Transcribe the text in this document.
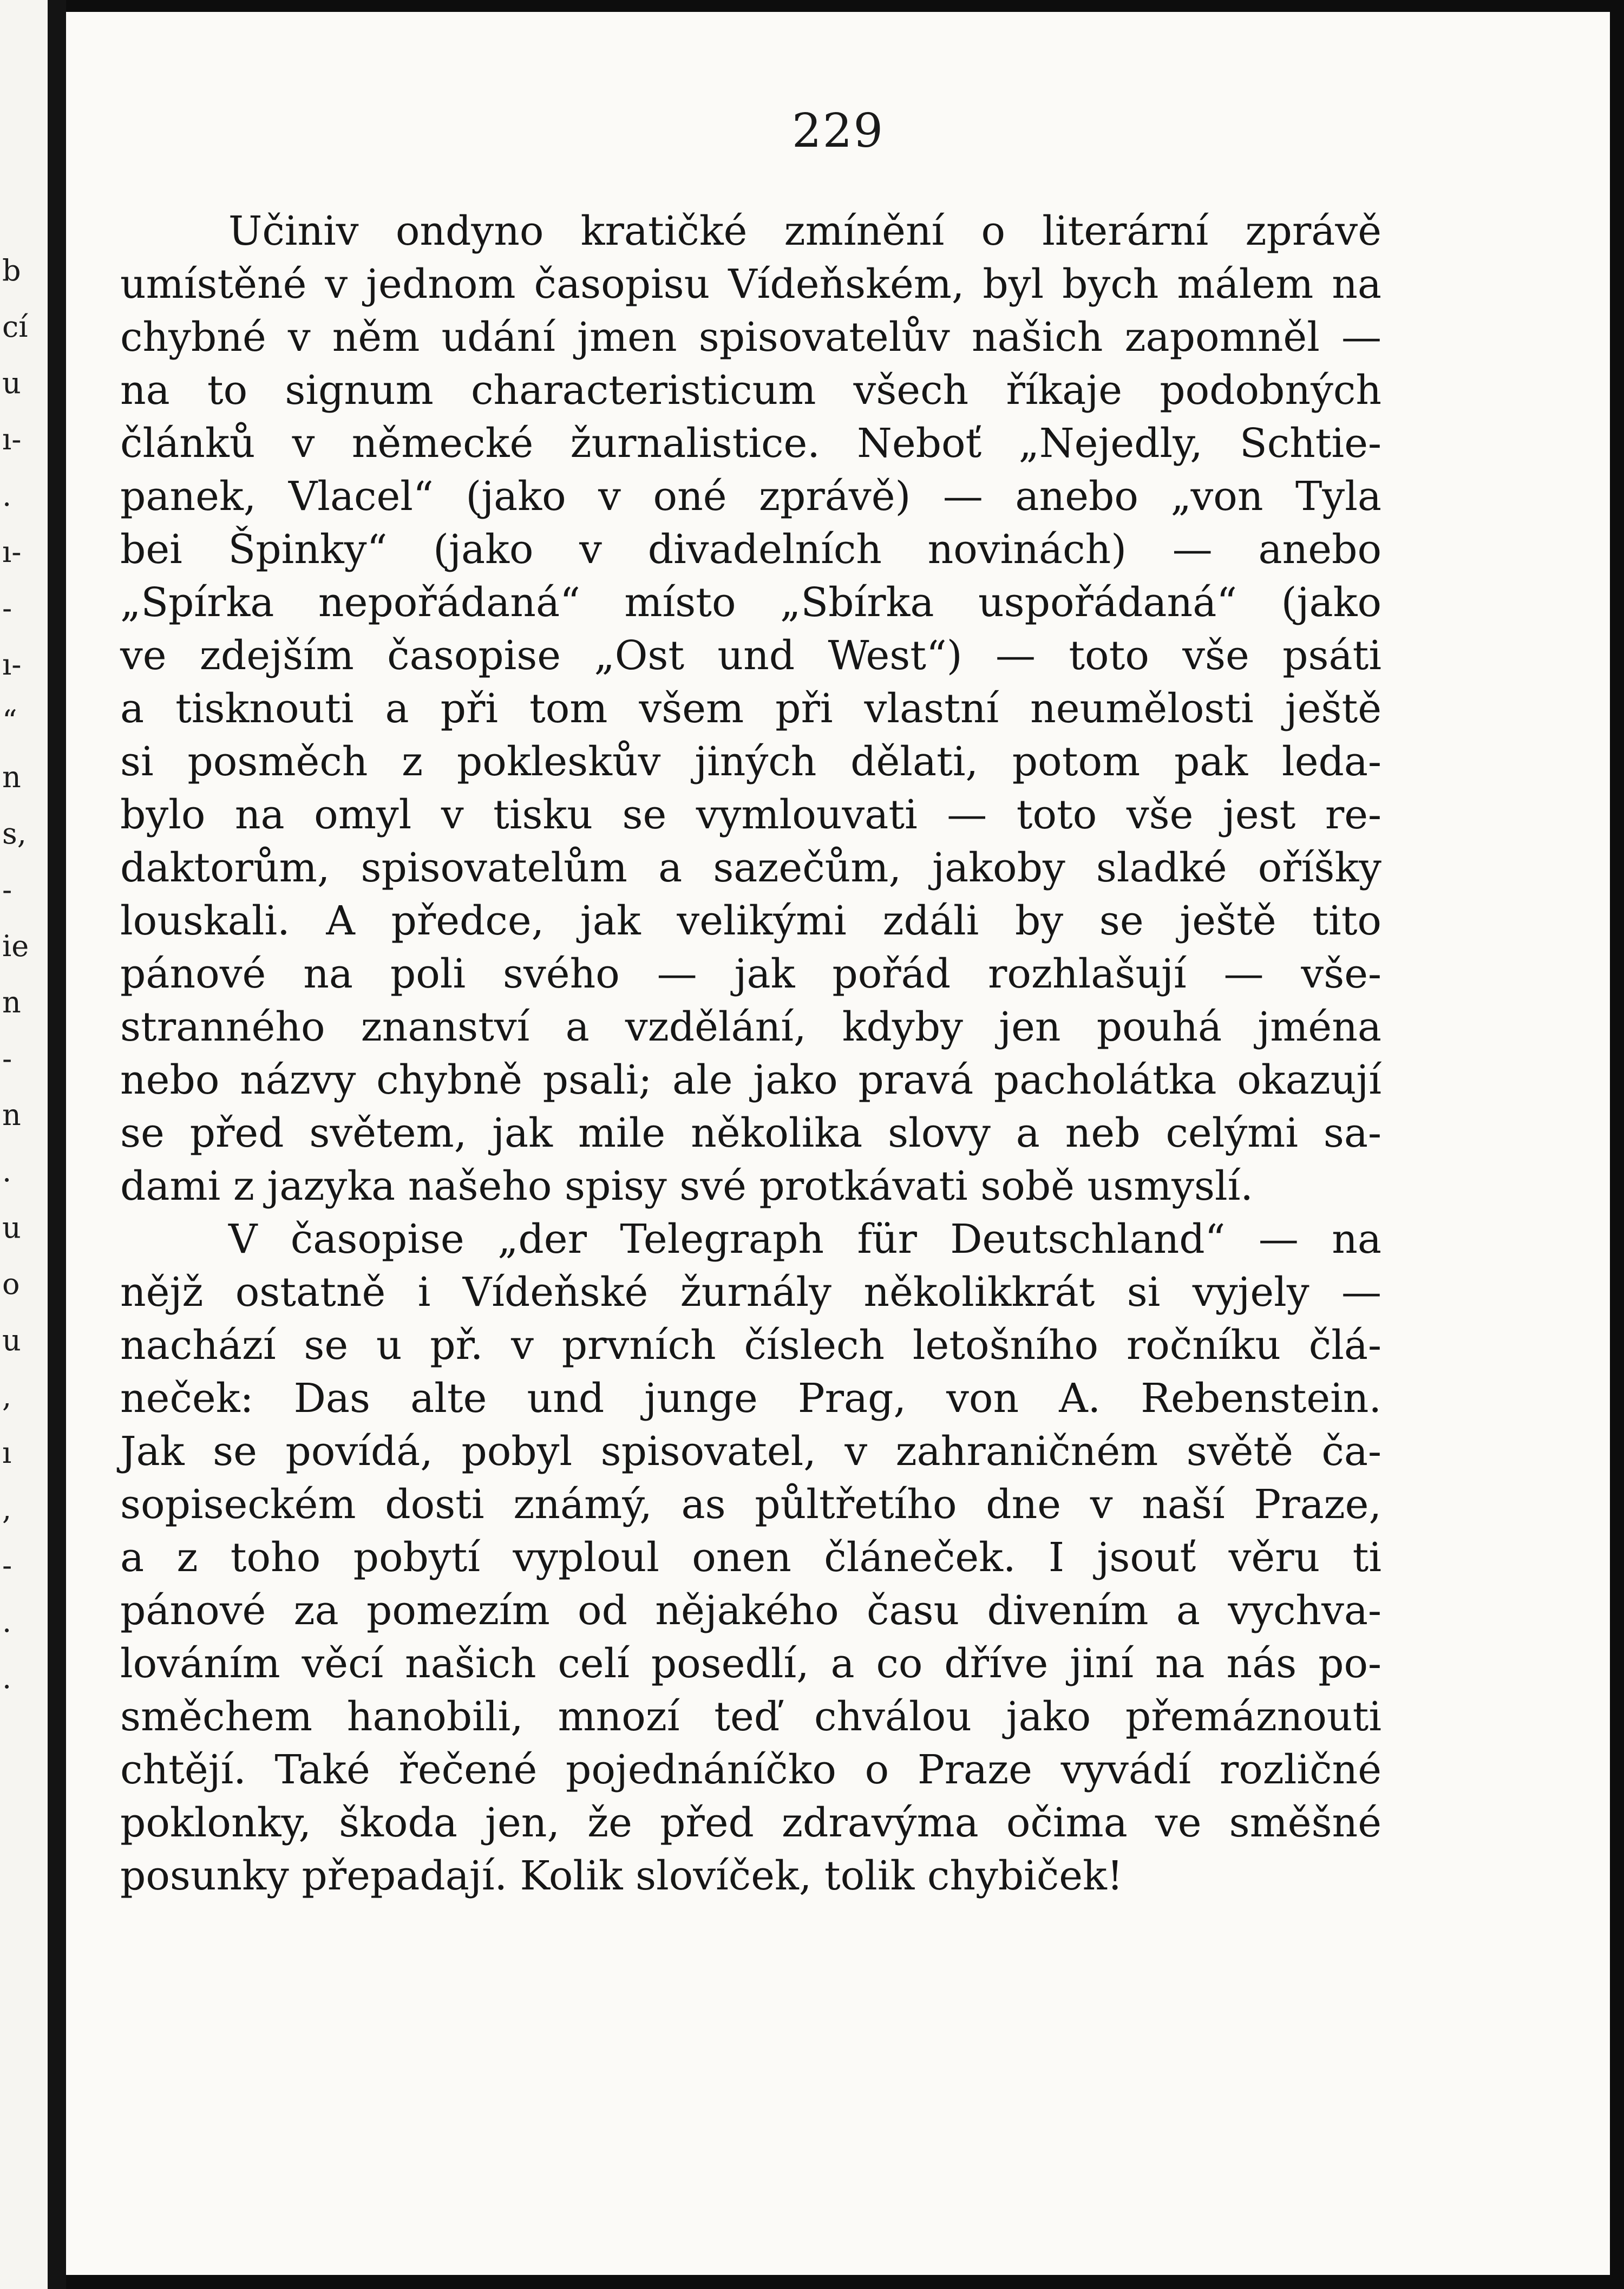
b
cí
u
ı-
.
ı-
-
ı-
“
n
s,
-
ie
n
-
n
.
u
o
u
,
ı
,
-
.
.
229
Učiniv ondyno kratičké zmínění o literární zprávě
umístěné v jednom časopisu Vídeňském, byl bych málem na
chybné v něm udání jmen spisovatelův našich zapomněl —
na to signum characteristicum všech říkaje podobných
článků v německé žurnalistice. Neboť „Nejedly, Schtie-
panek, Vlacel“ (jako v oné zprávě) — anebo „von Tyla
bei Špinky“ (jako v divadelních novinách) — anebo
„Spírka nepořádaná“ místo „Sbírka uspořádaná“ (jako
ve zdejším časopise „Ost und West“) — toto vše psáti
a tisknouti a při tom všem při vlastní neumělosti ještě
si posměch z pokleskův jiných dělati, potom pak leda-
bylo na omyl v tisku se vymlouvati — toto vše jest re-
daktorům, spisovatelům a sazečům, jakoby sladké oříšky
louskali. A předce, jak velikými zdáli by se ještě tito
pánové na poli svého — jak pořád rozhlašují — vše-
stranného znanství a vzdělání, kdyby jen pouhá jména
nebo názvy chybně psali; ale jako pravá pacholátka okazují
se před světem, jak mile několika slovy a neb celými sa-
dami z jazyka našeho spisy své protkávati sobě usmyslí.
V časopise „der Telegraph für Deutschland“ — na
nějž ostatně i Vídeňské žurnály několikkrát si vyjely —
nachází se u př. v prvních číslech letošního ročníku člá-
neček: Das alte und junge Prag, von A. Rebenstein.
Jak se povídá, pobyl spisovatel, v zahraničném světě ča-
sopiseckém dosti známý, as půltřetího dne v naší Praze,
a z toho pobytí vyploul onen článeček. I jsouť věru ti
pánové za pomezím od nějakého času divením a vychva-
lováním věcí našich celí posedlí, a co dříve jiní na nás po-
směchem hanobili, mnozí teď chválou jako přemáznouti
chtějí. Také řečené pojednáníčko o Praze vyvádí rozličné
poklonky, škoda jen, že před zdravýma očima ve směšné
posunky přepadají. Kolik slovíček, tolik chybiček!
